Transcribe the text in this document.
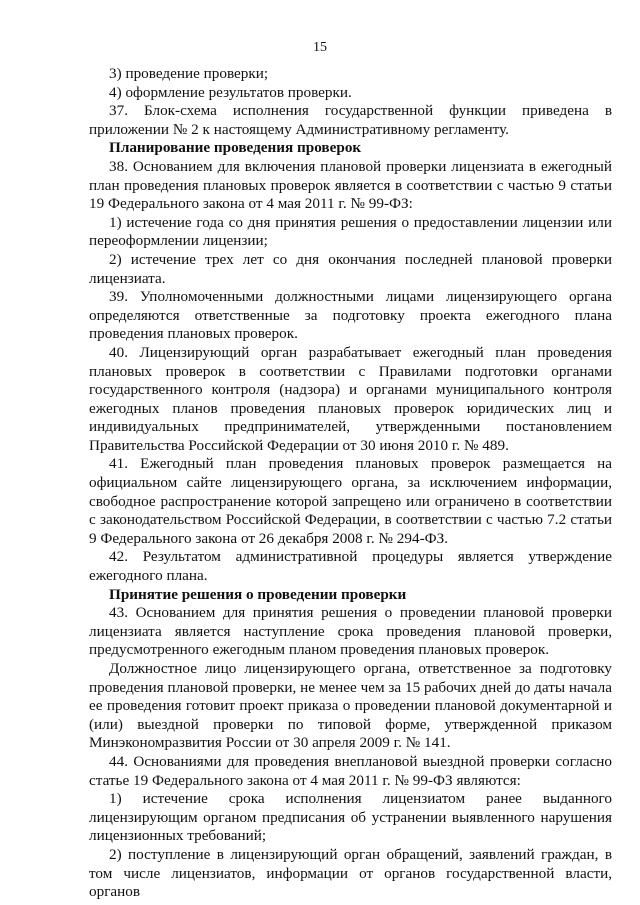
15

3) проведение проверки;

4) оформление результатов проверки.

37. Блок-схема исполнения государственной функции приведена в приложении № 2 к настоящему Административному регламенту.

Планирование проведения проверок

38. Основанием для включения плановой проверки лицензиата в ежегодный план проведения плановых проверок является в соответствии с частью 9 статьи 19 Федерального закона от 4 мая 2011 г. № 99-ФЗ:

1) истечение года со дня принятия решения о предоставлении лицензии или переоформлении лицензии;

2) истечение трех лет со дня окончания последней плановой проверки лицензиата.

39. Уполномоченными должностными лицами лицензирующего органа определяются ответственные за подготовку проекта ежегодного плана проведения плановых проверок.

40. Лицензирующий орган разрабатывает ежегодный план проведения плановых проверок в соответствии с Правилами подготовки органами государственного контроля (надзора) и органами муниципального контроля ежегодных планов проведения плановых проверок юридических лиц и индивидуальных предпринимателей, утвержденными постановлением Правительства Российской Федерации от 30 июня 2010 г. № 489.

41. Ежегодный план проведения плановых проверок размещается на официальном сайте лицензирующего органа, за исключением информации, свободное распространение которой запрещено или ограничено в соответствии с законодательством Российской Федерации, в соответствии с частью 7.2 статьи 9 Федерального закона от 26 декабря 2008 г. № 294-ФЗ.

42. Результатом административной процедуры является утверждение ежегодного плана.

Принятие решения о проведении проверки

43. Основанием для принятия решения о проведении плановой проверки лицензиата является наступление срока проведения плановой проверки, предусмотренного ежегодным планом проведения плановых проверок.

Должностное лицо лицензирующего органа, ответственное за подготовку проведения плановой проверки, не менее чем за 15 рабочих дней до даты начала ее проведения готовит проект приказа о проведении плановой документарной и (или) выездной проверки по типовой форме, утвержденной приказом Минэкономразвития России от 30 апреля 2009 г. № 141.

44. Основаниями для проведения внеплановой выездной проверки согласно статье 19 Федерального закона от 4 мая 2011 г. № 99-ФЗ являются:

1) истечение срока исполнения лицензиатом ранее выданного лицензирующим органом предписания об устранении выявленного нарушения лицензионных требований;

2) поступление в лицензирующий орган обращений, заявлений граждан, в том числе лицензиатов, информации от органов государственной власти, органов
